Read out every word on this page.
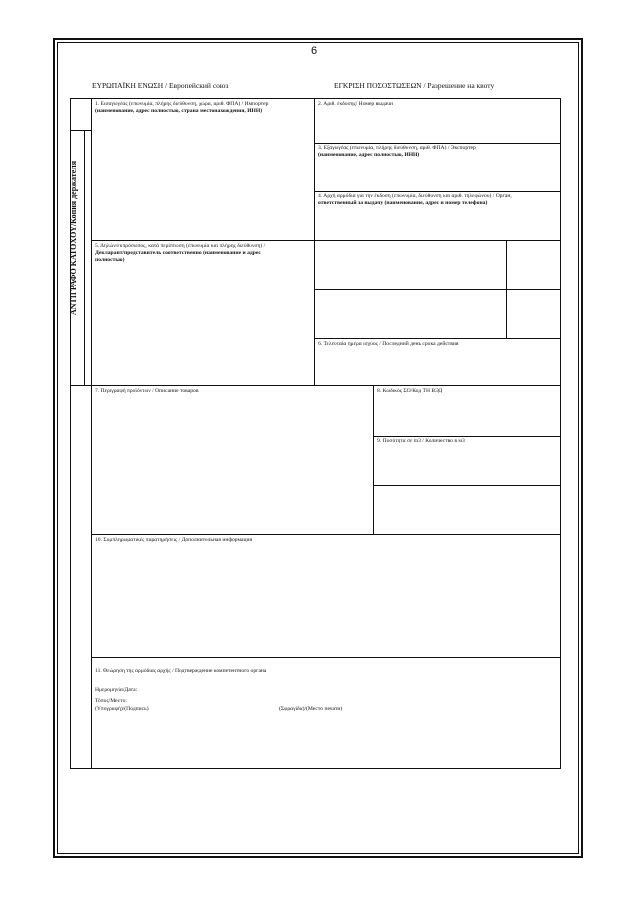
6
ΕΥΡΩΠΑΪΚΗ ΕΝΩΣΗ / Европейский союз	ΕΓΚΡΙΣΗ ΠΟΣΟΣΤΩΣΕΩΝ / Разрешение на квоту
ΑΝΤΙΓΡΑΦΟ ΚΑΤΟΧΟΥ/Копия держателя
1. Εισαγωγέας (επωνυμία, πλήρης διεύθυνση, χώρα, αριθ. ΦΠΑ) / Импортер
(наименование, адрес полностью, страна местонахождения, ИНН)
2. Αριθ. έκδοσης/ Номер выдачи
3. Εξαγωγέας (επωνυμία, πλήρης διεύθυνση, αριθ. ΦΠΑ) / Экспортер
(наименование, адрес полностью, ИНН)
4. Αρχή αρμόδια για την έκδοση (επωνυμία, διεύθυνση και αριθ. τηλεφώνου) / Орган,
ответственный за выдачу (наименование, адрес и номер телефона)
5. Δηλών/εκπρόσωπος, κατά περίπτωση (επωνυμία και πλήρης διεύθυνση) /
Декларант/представитель соответственно (наименование и адрес
полностью)
6. Τελευταία ημέρα ισχύος / Последний день срока действия
7. Περιγραφή προϊόντων / Описание товаров	8. Κωδικός ΣΟ/Код ТН ВЭД
9. Ποσότητα σε m3 / Количество в м3
10. Συμπληρωματικές παρατηρήσεις / Дополнительная информация
11. Θεώρηση της αρμόδιας αρχής / Подтверждение компетентного органа
Ημερομηνία/Дата:
Τόπος/Место:
(Υπογραφή)/(Подпись)	(Σφραγίδα)/(Место печати)
